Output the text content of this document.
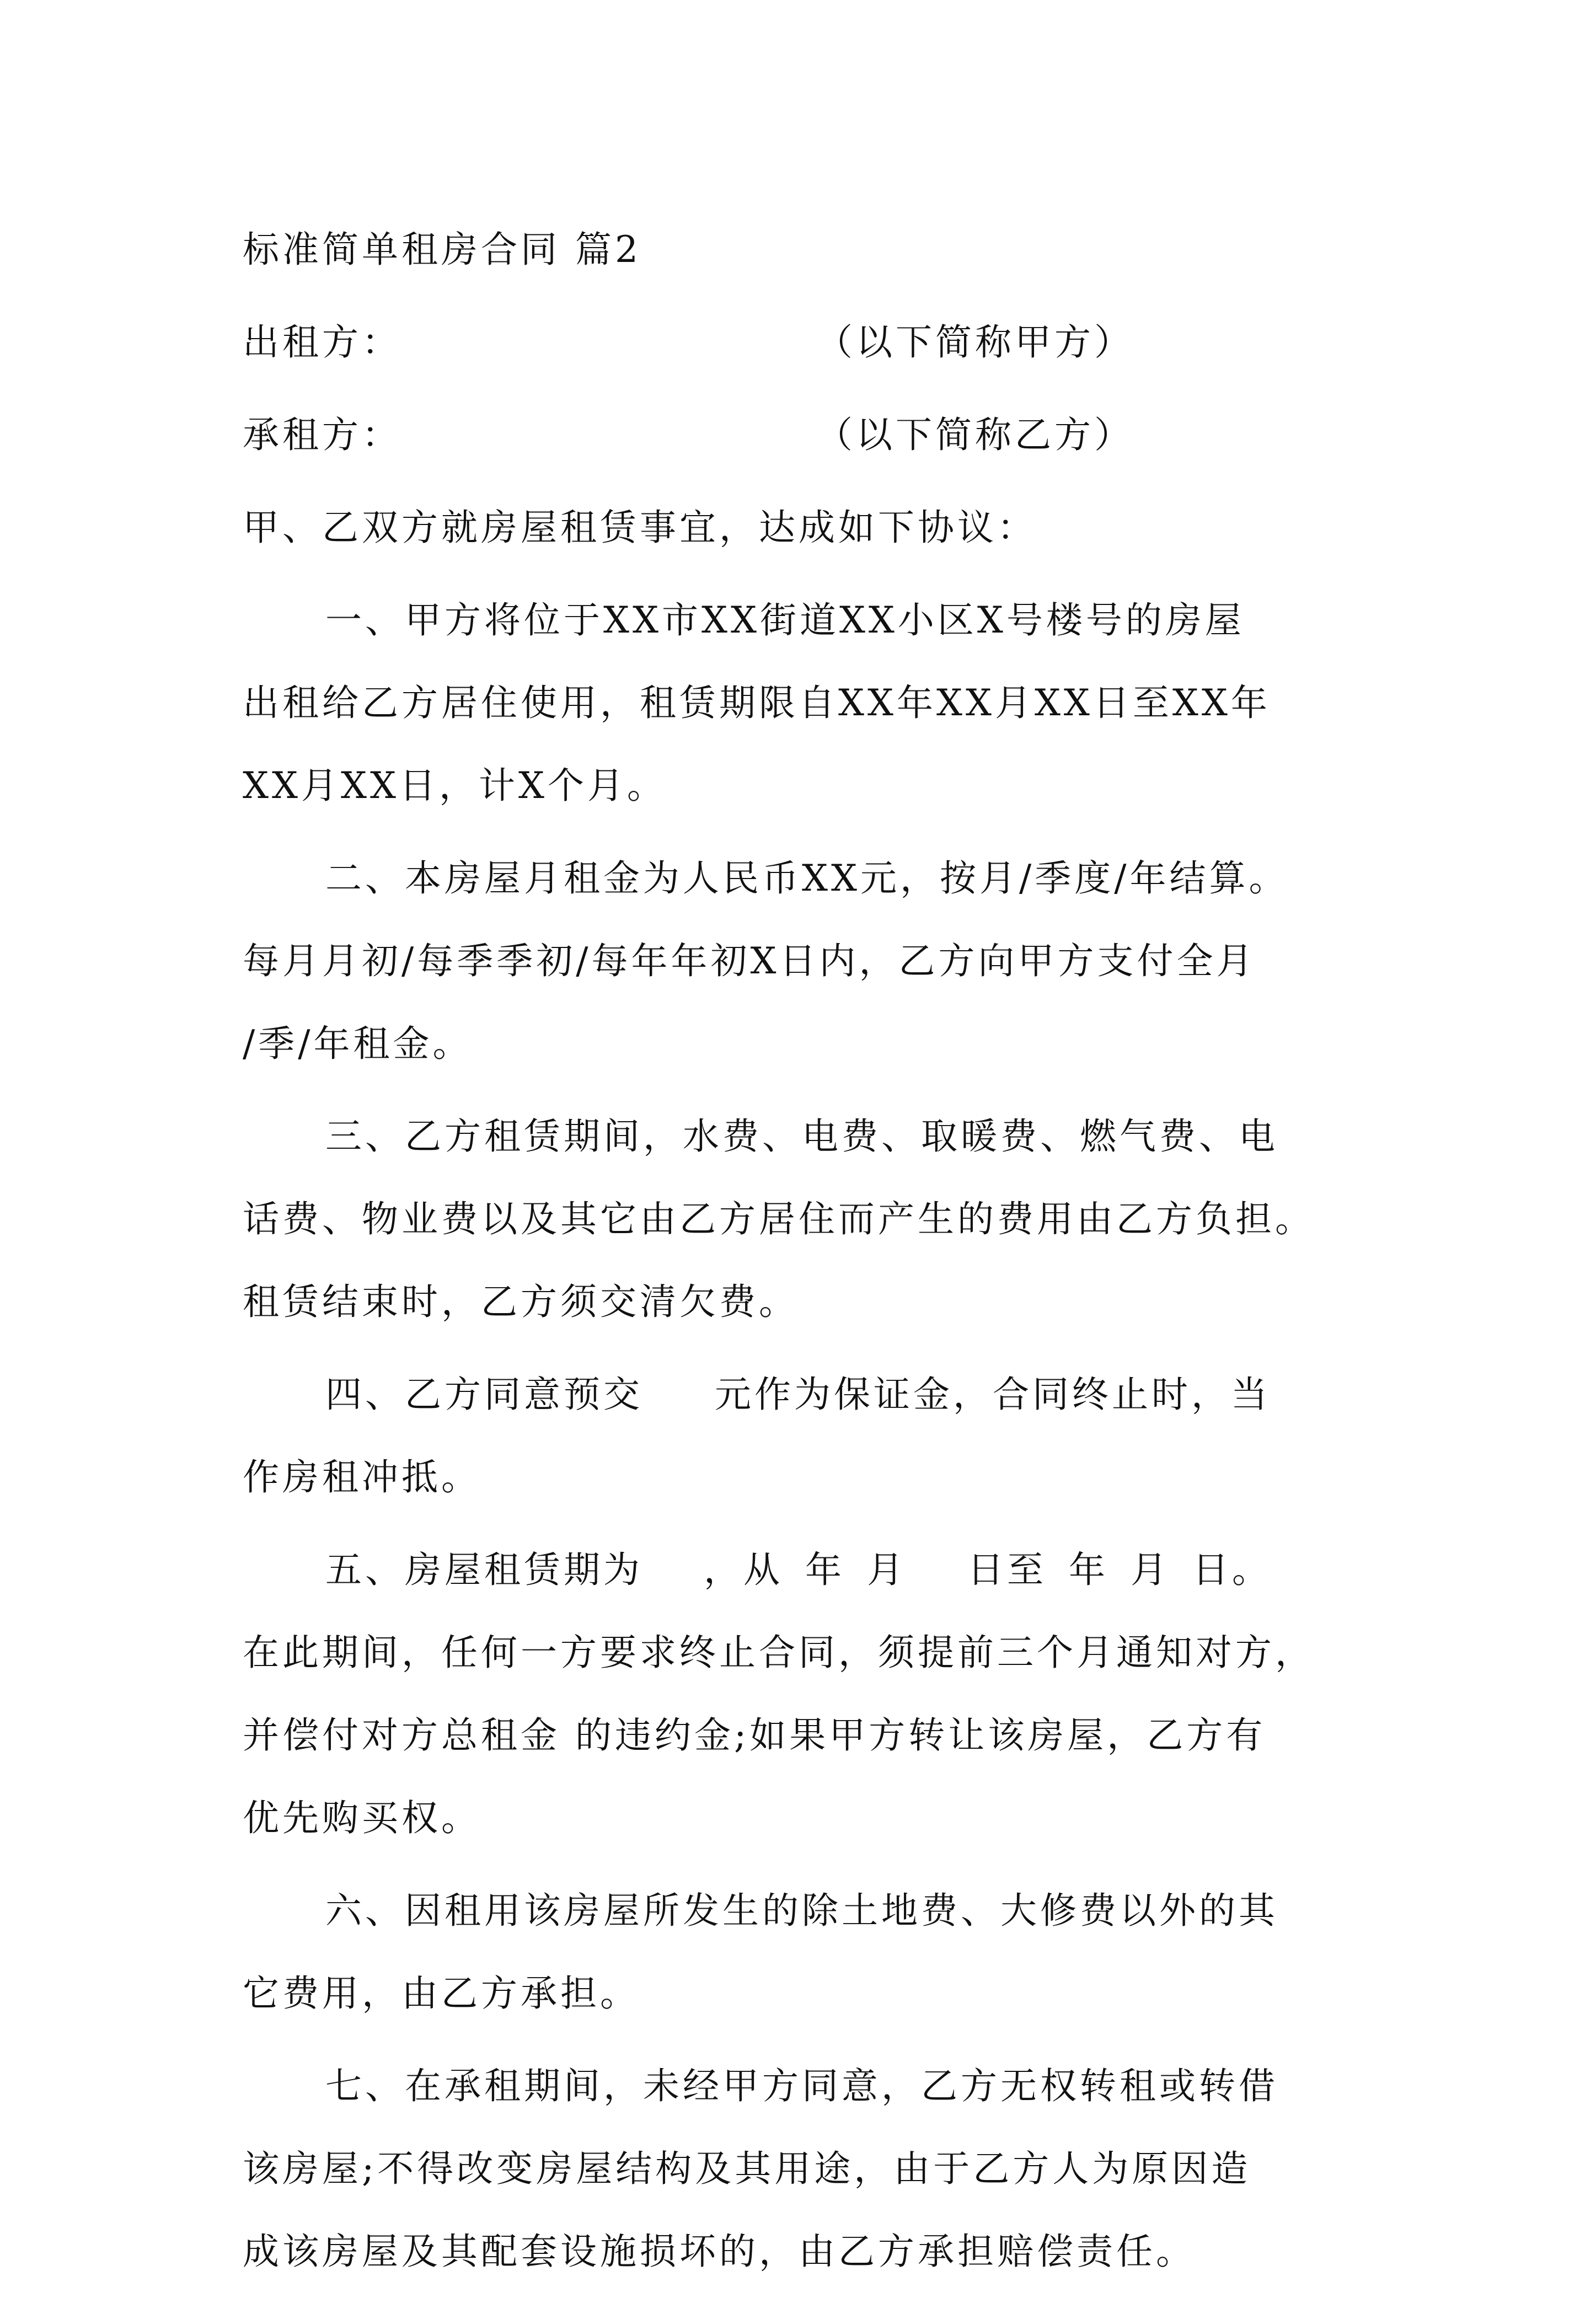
标准简单租房合同 篇2
出租方：	（以下简称甲方）
承租方：	（以下简称乙方）
甲、乙双方就房屋租赁事宜，达成如下协议：
一、甲方将位于XX市XX街道XX小区X号楼号的房屋
出租给乙方居住使用，租赁期限自XX年XX月XX日至XX年
XX月XX日，计X个月。
二、本房屋月租金为人民币XX元，按月/季度/年结算。
每月月初/每季季初/每年年初X日内，乙方向甲方支付全月
/季/年租金。
三、乙方租赁期间，水费、电费、取暖费、燃气费、电
话费、物业费以及其它由乙方居住而产生的费用由乙方负担。
租赁结束时，乙方须交清欠费。
四、乙方同意预交 元作为保证金，合同终止时，当
作房租冲抵。
五、房屋租赁期为 ，从 年 月 日至 年 月 日。
在此期间，任何一方要求终止合同，须提前三个月通知对方，
并偿付对方总租金 的违约金;如果甲方转让该房屋，乙方有
优先购买权。
六、因租用该房屋所发生的除土地费、大修费以外的其
它费用，由乙方承担。
七、在承租期间，未经甲方同意，乙方无权转租或转借
该房屋;不得改变房屋结构及其用途，由于乙方人为原因造
成该房屋及其配套设施损坏的，由乙方承担赔偿责任。
